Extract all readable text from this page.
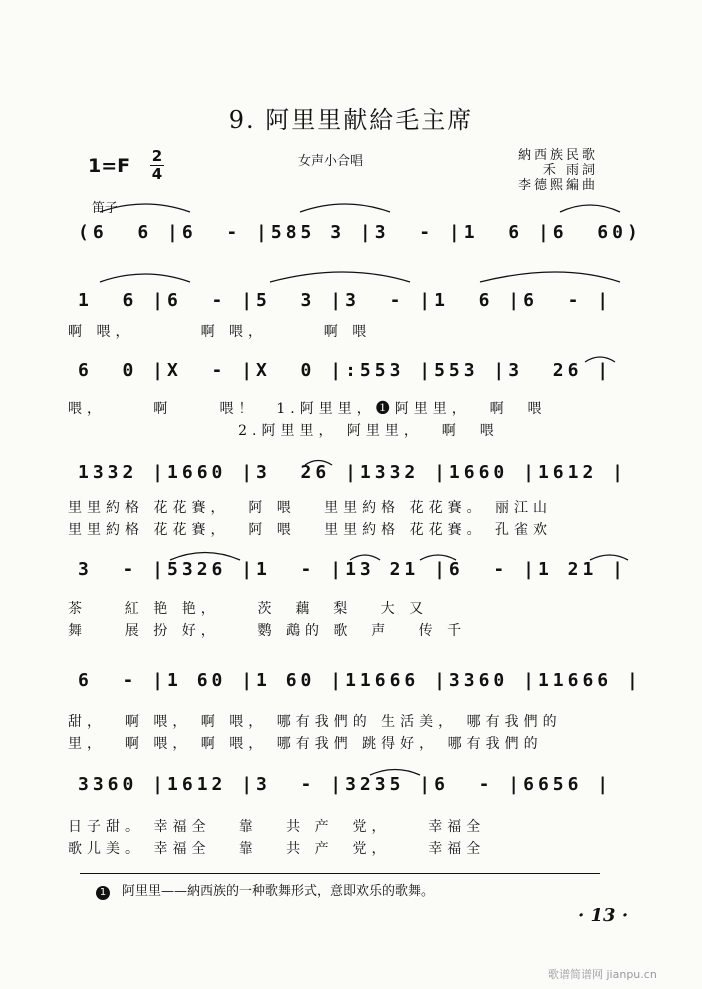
9. 阿里里献給毛主席
1=F 2
4
女声小合唱	納西族民歌
禾 雨詞
李德熙編曲
笛子
(6  6 |6  - |585 3 |3  - |1  6 |6  60)
1  6 |6  - |5  3 |3  - |1  6 |6  - |
啊 喂，       啊 喂，      啊 喂
6  0 |X  - |X  0 |:553 |553 |3  26 |
喂，     啊     喂！  1.阿里里，❶阿里里，  啊  喂
2.阿里里， 阿里里，  啊  喂
1332 |1660 |3  26 |1332 |1660 |1612 |
里里約格 花花賽，  阿 喂   里里約格 花花賽。 丽江山
里里約格 花花賽，  阿 喂   里里約格 花花賽。 孔雀欢
3  - |5326 |1  - |13 21 |6  - |1 21 |
茶    紅 艳 艳，    茨  藕  梨   大 又
舞    展 扮 好，    鹦 鵡的 歌  声   传 千
6  - |1 60 |1 60 |11666 |3360 |11666 |
甜，  啊 喂， 啊 喂， 哪有我們的 生活美， 哪有我們的
里，  啊 喂， 啊 喂， 哪有我們 跳得好， 哪有我們的
3360 |1612 |3  - |3235 |6  - |6656 |
日子甜。 幸福全   靠   共 产  党，    幸福全
歌儿美。 幸福全   靠   共 产  党，    幸福全
1 阿里里——納西族的一种歌舞形式，意即欢乐的歌舞。
· 13 ·
歌谱简谱网 jianpu.cn
